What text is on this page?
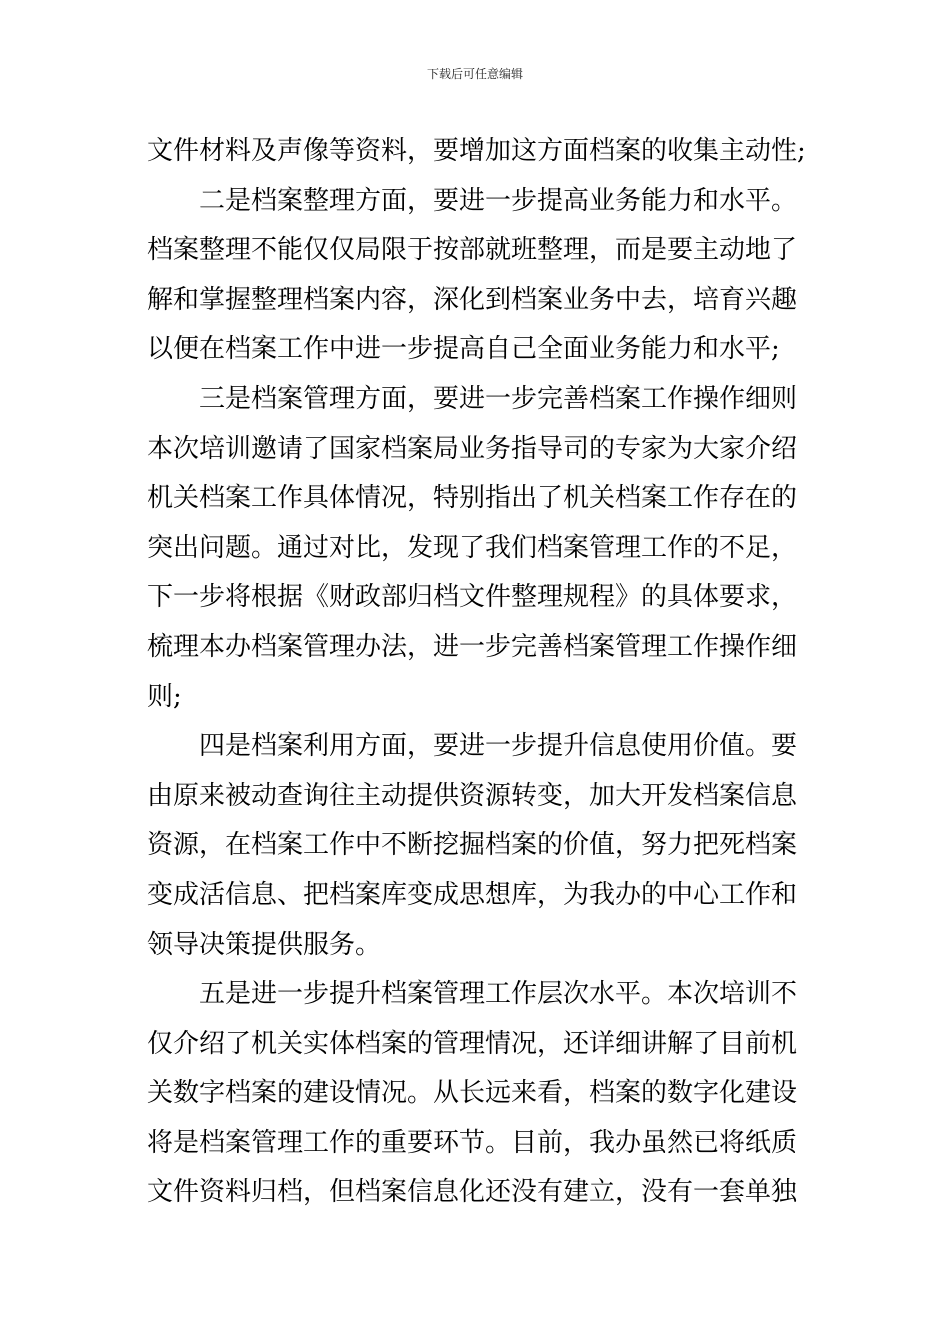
下载后可任意编辑
文件材料及声像等资料，要增加这方面档案的收集主动性;
二是档案整理方面，要进一步提高业务能力和水平。
档案整理不能仅仅局限于按部就班整理，而是要主动地了
解和掌握整理档案内容，深化到档案业务中去，培育兴趣
以便在档案工作中进一步提高自己全面业务能力和水平;
三是档案管理方面，要进一步完善档案工作操作细则
本次培训邀请了国家档案局业务指导司的专家为大家介绍
机关档案工作具体情况，特别指出了机关档案工作存在的
突出问题。通过对比，发现了我们档案管理工作的不足，
下一步将根据《财政部归档文件整理规程》的具体要求，
梳理本办档案管理办法，进一步完善档案管理工作操作细
则;
四是档案利用方面，要进一步提升信息使用价值。要
由原来被动查询往主动提供资源转变，加大开发档案信息
资源，在档案工作中不断挖掘档案的价值，努力把死档案
变成活信息、把档案库变成思想库，为我办的中心工作和
领导决策提供服务。
五是进一步提升档案管理工作层次水平。本次培训不
仅介绍了机关实体档案的管理情况，还详细讲解了目前机
关数字档案的建设情况。从长远来看，档案的数字化建设
将是档案管理工作的重要环节。目前，我办虽然已将纸质
文件资料归档，但档案信息化还没有建立，没有一套单独
